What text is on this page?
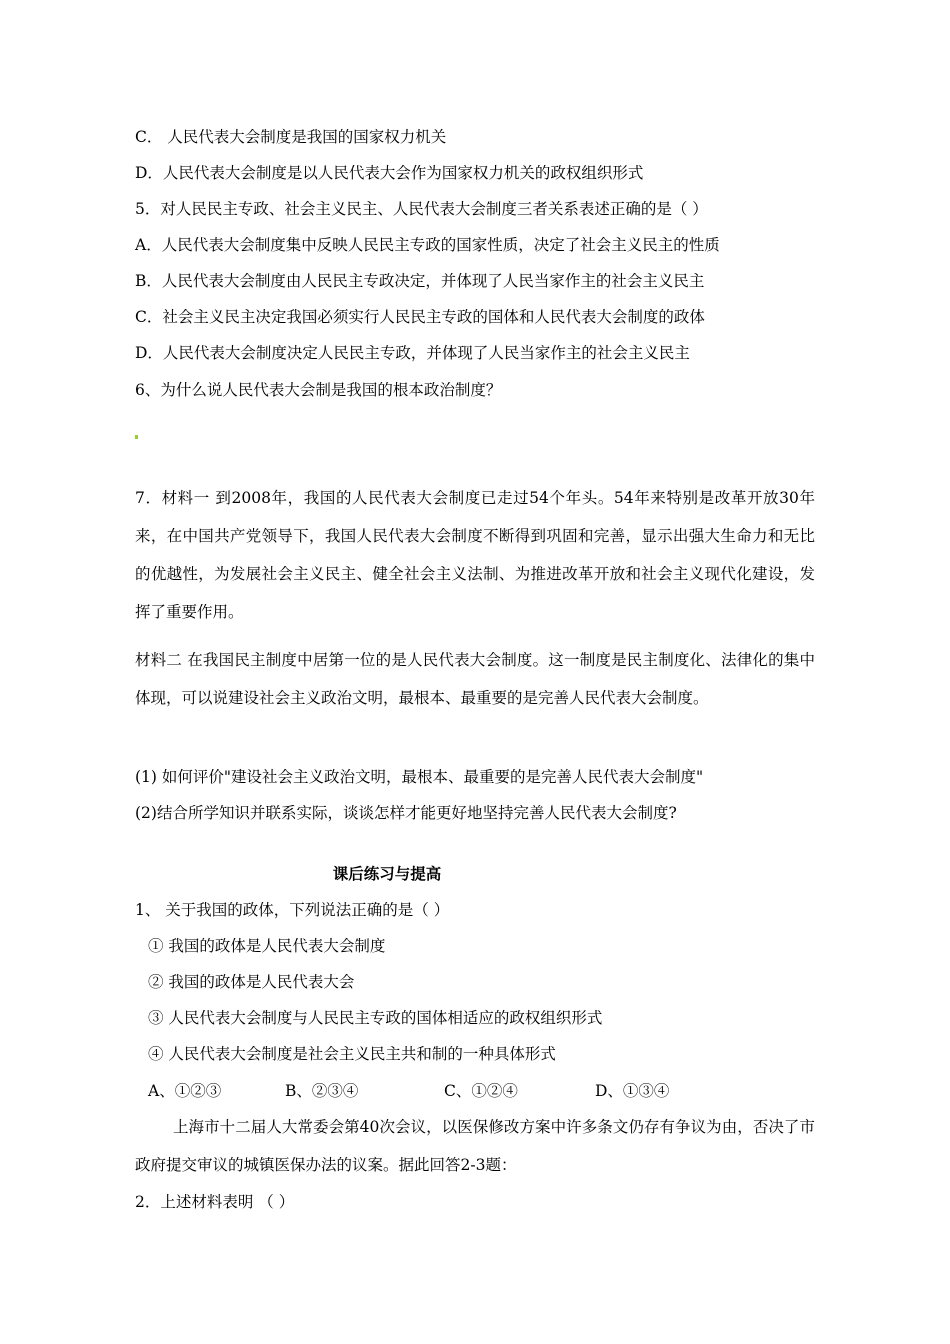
C． 人民代表大会制度是我国的国家权力机关
D．人民代表大会制度是以人民代表大会作为国家权力机关的政权组织形式
5．对人民民主专政、社会主义民主、人民代表大会制度三者关系表述正确的是（ ）
A．人民代表大会制度集中反映人民民主专政的国家性质，决定了社会主义民主的性质
B．人民代表大会制度由人民民主专政决定，并体现了人民当家作主的社会主义民主
C．社会主义民主决定我国必须实行人民民主专政的国体和人民代表大会制度的政体
D．人民代表大会制度决定人民民主专政，并体现了人民当家作主的社会主义民主
6、为什么说人民代表大会制是我国的根本政治制度？
7．材料一 到2008年，我国的人民代表大会制度已走过54个年头。54年来特别是改革开放30年来，在中国共产党领导下，我国人民代表大会制度不断得到巩固和完善，显示出强大生命力和无比的优越性，为发展社会主义民主、健全社会主义法制、为推进改革开放和社会主义现代化建设，发挥了重要作用。
材料二 在我国民主制度中居第一位的是人民代表大会制度。这一制度是民主制度化、法律化的集中体现，可以说建设社会主义政治文明，最根本、最重要的是完善人民代表大会制度。
(1) 如何评价"建设社会主义政治文明，最根本、最重要的是完善人民代表大会制度"
(2)结合所学知识并联系实际，谈谈怎样才能更好地坚持完善人民代表大会制度?
课后练习与提高
1、 关于我国的政体，下列说法正确的是（ ）
① 我国的政体是人民代表大会制度
② 我国的政体是人民代表大会
③ 人民代表大会制度与人民民主专政的国体相适应的政权组织形式
④ 人民代表大会制度是社会主义民主共和制的一种具体形式
A、①②③	B、②③④	C、①②④	D、①③④
上海市十二届人大常委会第40次会议，以医保修改方案中许多条文仍存有争议为由，否决了市政府提交审议的城镇医保办法的议案。据此回答2-3题：
2．上述材料表明 （ ）
